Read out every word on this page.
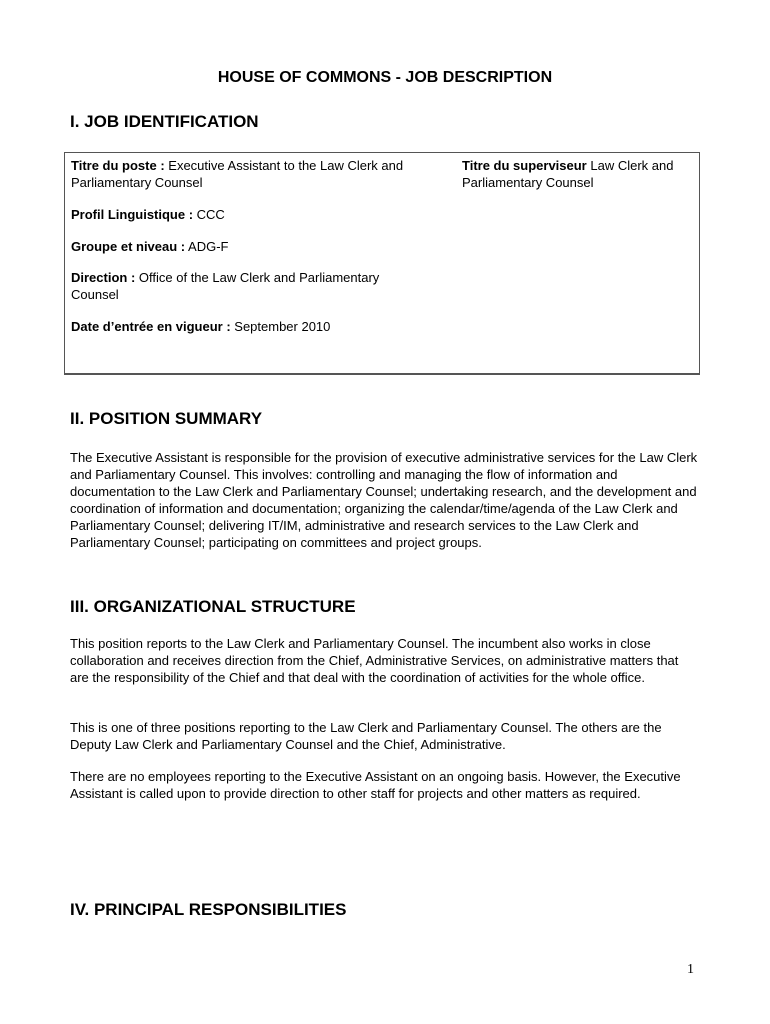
HOUSE OF COMMONS - JOB DESCRIPTION
I. JOB IDENTIFICATION
Titre du poste : Executive Assistant to the Law Clerk and Parliamentary Counsel
Titre du superviseur Law Clerk and Parliamentary Counsel
Profil Linguistique : CCC
Groupe et niveau : ADG-F
Direction : Office of the Law Clerk and Parliamentary Counsel
Date d’entrée en vigueur : September 2010
II. POSITION SUMMARY

The Executive Assistant is responsible for the provision of executive administrative services for the Law Clerk and Parliamentary Counsel. This involves: controlling and managing the flow of information and documentation to the Law Clerk and Parliamentary Counsel; undertaking research, and the development and coordination of information and documentation; organizing the calendar/time/agenda of the Law Clerk and Parliamentary Counsel; delivering IT/IM, administrative and research services to the Law Clerk and Parliamentary Counsel; participating on committees and project groups.

III. ORGANIZATIONAL STRUCTURE

This position reports to the Law Clerk and Parliamentary Counsel. The incumbent also works in close collaboration and receives direction from the Chief, Administrative Services, on administrative matters that are the responsibility of the Chief and that deal with the coordination of activities for the whole office.

This is one of three positions reporting to the Law Clerk and Parliamentary Counsel. The others are the Deputy Law Clerk and Parliamentary Counsel and the Chief, Administrative.

There are no employees reporting to the Executive Assistant on an ongoing basis. However, the Executive Assistant is called upon to provide direction to other staff for projects and other matters as required.

IV. PRINCIPAL RESPONSIBILITIES
1
